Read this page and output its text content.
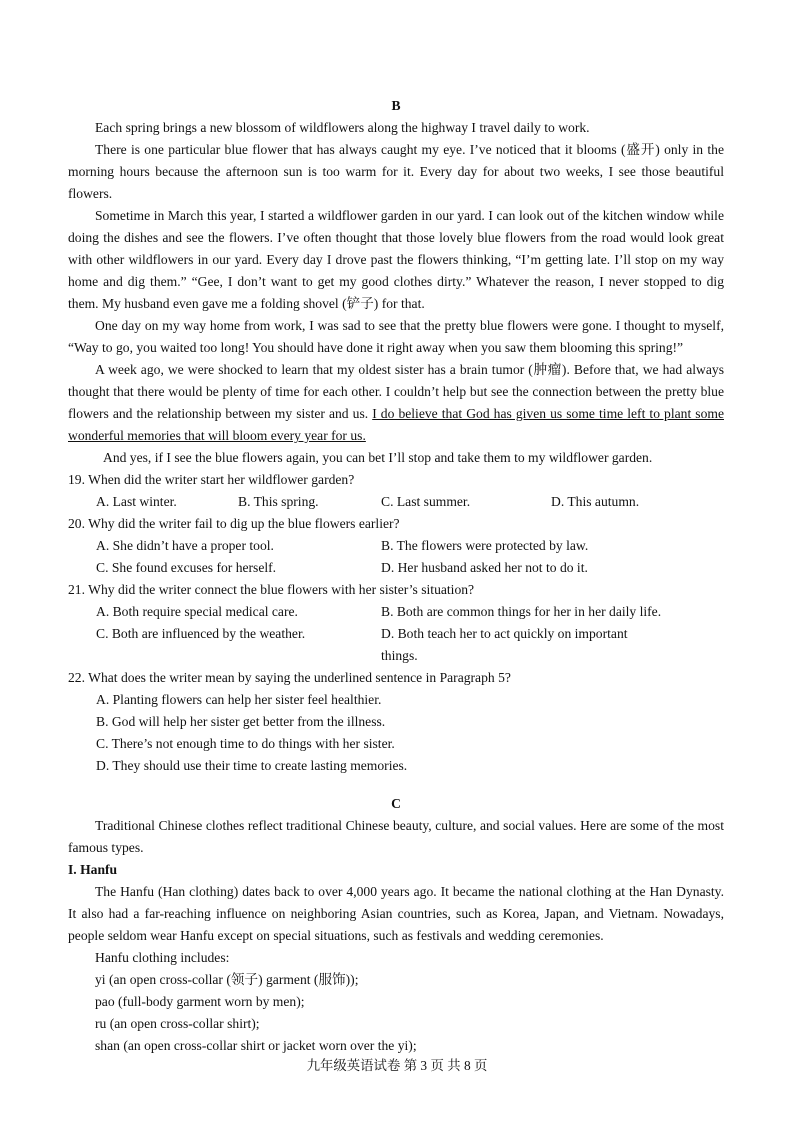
B

Each spring brings a new blossom of wildflowers along the highway I travel daily to work.

There is one particular blue flower that has always caught my eye. I’ve noticed that it blooms (盛开) only in the morning hours because the afternoon sun is too warm for it. Every day for about two weeks, I see those beautiful flowers.

Sometime in March this year, I started a wildflower garden in our yard. I can look out of the kitchen window while doing the dishes and see the flowers. I’ve often thought that those lovely blue flowers from the road would look great with other wildflowers in our yard. Every day I drove past the flowers thinking, “I’m getting late. I’ll stop on my way home and dig them.” “Gee, I don’t want to get my good clothes dirty.” Whatever the reason, I never stopped to dig them. My husband even gave me a folding shovel (铲子) for that.

One day on my way home from work, I was sad to see that the pretty blue flowers were gone. I thought to myself, “Way to go, you waited too long! You should have done it right away when you saw them blooming this spring!”

A week ago, we were shocked to learn that my oldest sister has a brain tumor (肿瘤). Before that, we had always thought that there would be plenty of time for each other. I couldn’t help but see the connection between the pretty blue flowers and the relationship between my sister and us. I do believe that God has given us some time left to plant some wonderful memories that will bloom every year for us.

And yes, if I see the blue flowers again, you can bet I’ll stop and take them to my wildflower garden.

19. When did the writer start her wildflower garden?

A. Last winter.	B. This spring.	C. Last summer.	D. This autumn.

20. Why did the writer fail to dig up the blue flowers earlier?

A. She didn’t have a proper tool.	B. The flowers were protected by law.
C. She found excuses for herself.	D. Her husband asked her not to do it.

21. Why did the writer connect the blue flowers with her sister’s situation?

A. Both require special medical care.	B. Both are common things for her in her daily life.
C. Both are influenced by the weather.	D. Both teach her to act quickly on important things.

22. What does the writer mean by saying the underlined sentence in Paragraph 5?

A. Planting flowers can help her sister feel healthier.

B. God will help her sister get better from the illness.

C. There’s not enough time to do things with her sister.

D. They should use their time to create lasting memories.

C

Traditional Chinese clothes reflect traditional Chinese beauty, culture, and social values. Here are some of the most famous types.

I. Hanfu

The Hanfu (Han clothing) dates back to over 4,000 years ago. It became the national clothing at the Han Dynasty. It also had a far-reaching influence on neighboring Asian countries, such as Korea, Japan, and Vietnam. Nowadays, people seldom wear Hanfu except on special situations, such as festivals and wedding ceremonies.

Hanfu clothing includes:

yi (an open cross-collar (领子) garment (服饰));

pao (full-body garment worn by men);

ru (an open cross-collar shirt);

shan (an open cross-collar shirt or jacket worn over the yi);

九年级英语试卷 第 3 页 共 8 页
